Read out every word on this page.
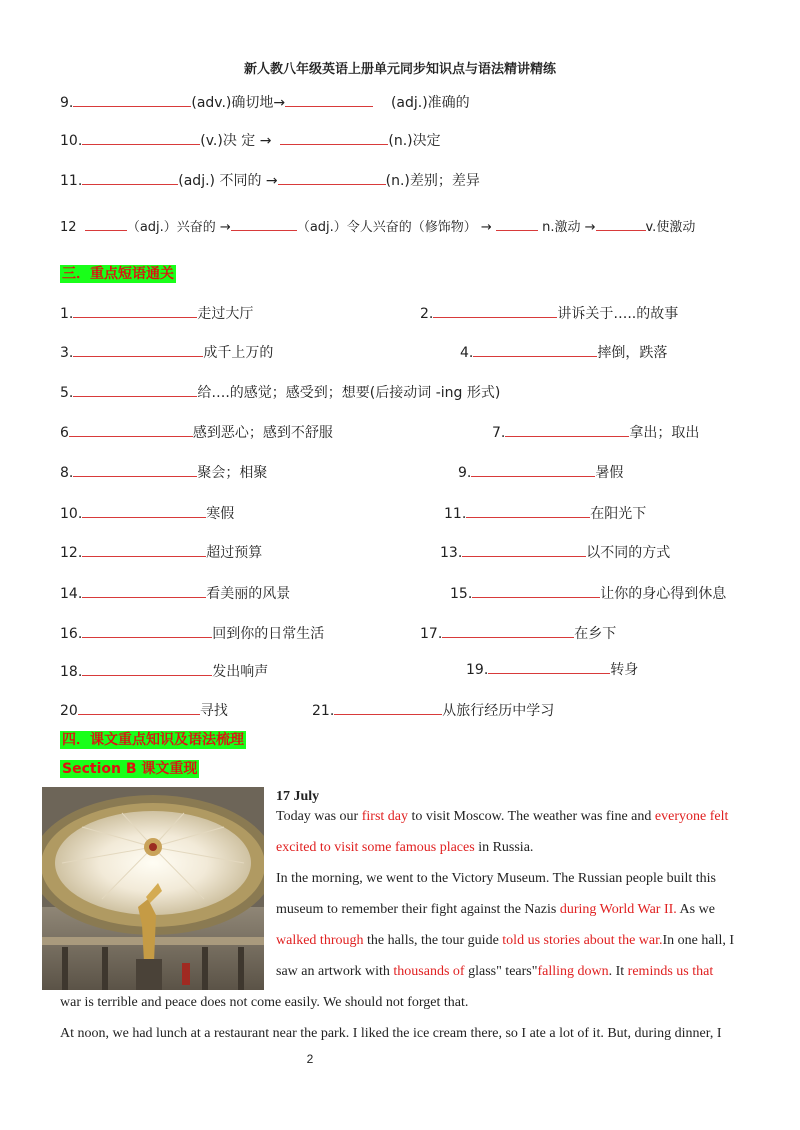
新人教八年级英语上册单元同步知识点与语法精讲精练
9.	(adv.)确切地→	(adj.)准确的
10.	(v.)决 定 →	(n.)决定
11.	(adj.) 不同的 →	(n.)差别；差异
12	（adj.）兴奋的 →	（adj.）令人兴奋的（修饰物） →	n.激动 →	v.使激动
三．重点短语通关
1.	走过大厅	2.	讲诉关于…..的故事
3.	成千上万的	4.	摔倒，跌落
5.	给….的感觉；感受到；想要(后接动词 -ing 形式)
6	感到恶心；感到不舒服	7.	拿出；取出
8.	聚会；相聚	9.	暑假
10.	寒假	11.	在阳光下
12.	超过预算	13.	以不同的方式
14.	看美丽的风景	15.	让你的身心得到休息
16.	回到你的日常生活	17.	在乡下
18.	发出响声	19.	转身
20	寻找	21.	从旅行经历中学习
四．课文重点知识及语法梳理
Section B 课文重现
17 July
Today was our first day to visit Moscow. The weather was fine and everyone felt
excited to visit some famous places in Russia.
In the morning, we went to the Victory Museum. The Russian people built this
museum to remember their fight against the Nazis during World War II. As we
walked through the halls, the tour guide told us stories about the war.In one hall, I
saw an artwork with thousands of glass" tears"falling down. It reminds us that
war is terrible and peace does not come easily. We should not forget that.
At noon, we had lunch at a restaurant near the park. I liked the ice cream there, so I ate a lot of it. But, during dinner, I
2
